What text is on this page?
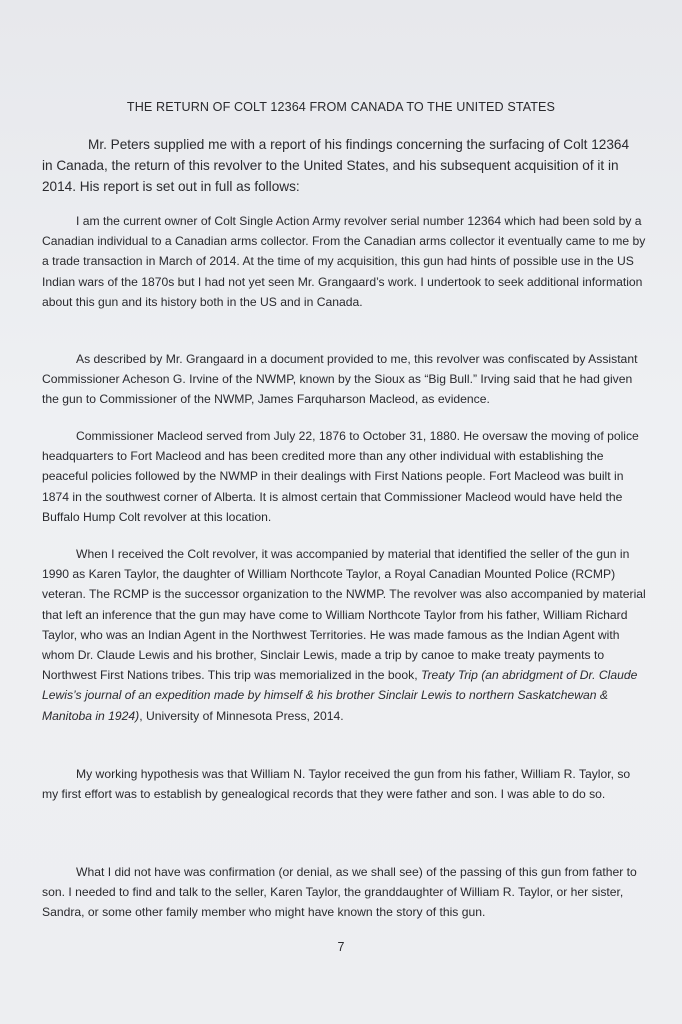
THE RETURN OF COLT 12364 FROM CANADA TO THE UNITED STATES

Mr. Peters supplied me with a report of his findings concerning the surfacing of Colt 12364 in Canada, the return of this revolver to the United States, and his subsequent acquisition of it in 2014. His report is set out in full as follows:

I am the current owner of Colt Single Action Army revolver serial number 12364 which had been sold by a Canadian individual to a Canadian arms collector. From the Canadian arms collector it eventually came to me by a trade transaction in March of 2014. At the time of my acquisition, this gun had hints of possible use in the US Indian wars of the 1870s but I had not yet seen Mr. Grangaard’s work. I undertook to seek additional information about this gun and its history both in the US and in Canada.

As described by Mr. Grangaard in a document provided to me, this revolver was confiscated by Assistant Commissioner Acheson G. Irvine of the NWMP, known by the Sioux as “Big Bull.” Irving said that he had given the gun to Commissioner of the NWMP, James Farquharson Macleod, as evidence.

Commissioner Macleod served from July 22, 1876 to October 31, 1880. He oversaw the moving of police headquarters to Fort Macleod and has been credited more than any other individual with establishing the peaceful policies followed by the NWMP in their dealings with First Nations people. Fort Macleod was built in 1874 in the southwest corner of Alberta. It is almost certain that Commissioner Macleod would have held the Buffalo Hump Colt revolver at this location.

When I received the Colt revolver, it was accompanied by material that identified the seller of the gun in 1990 as Karen Taylor, the daughter of William Northcote Taylor, a Royal Canadian Mounted Police (RCMP) veteran. The RCMP is the successor organization to the NWMP. The revolver was also accompanied by material that left an inference that the gun may have come to William Northcote Taylor from his father, William Richard Taylor, who was an Indian Agent in the Northwest Territories. He was made famous as the Indian Agent with whom Dr. Claude Lewis and his brother, Sinclair Lewis, made a trip by canoe to make treaty payments to Northwest First Nations tribes. This trip was memorialized in the book, Treaty Trip (an abridgment of Dr. Claude Lewis’s journal of an expedition made by himself & his brother Sinclair Lewis to northern Saskatchewan & Manitoba in 1924), University of Minnesota Press, 2014.

My working hypothesis was that William N. Taylor received the gun from his father, William R. Taylor, so my first effort was to establish by genealogical records that they were father and son. I was able to do so.

What I did not have was confirmation (or denial, as we shall see) of the passing of this gun from father to son. I needed to find and talk to the seller, Karen Taylor, the granddaughter of William R. Taylor, or her sister, Sandra, or some other family member who might have known the story of this gun.

7
